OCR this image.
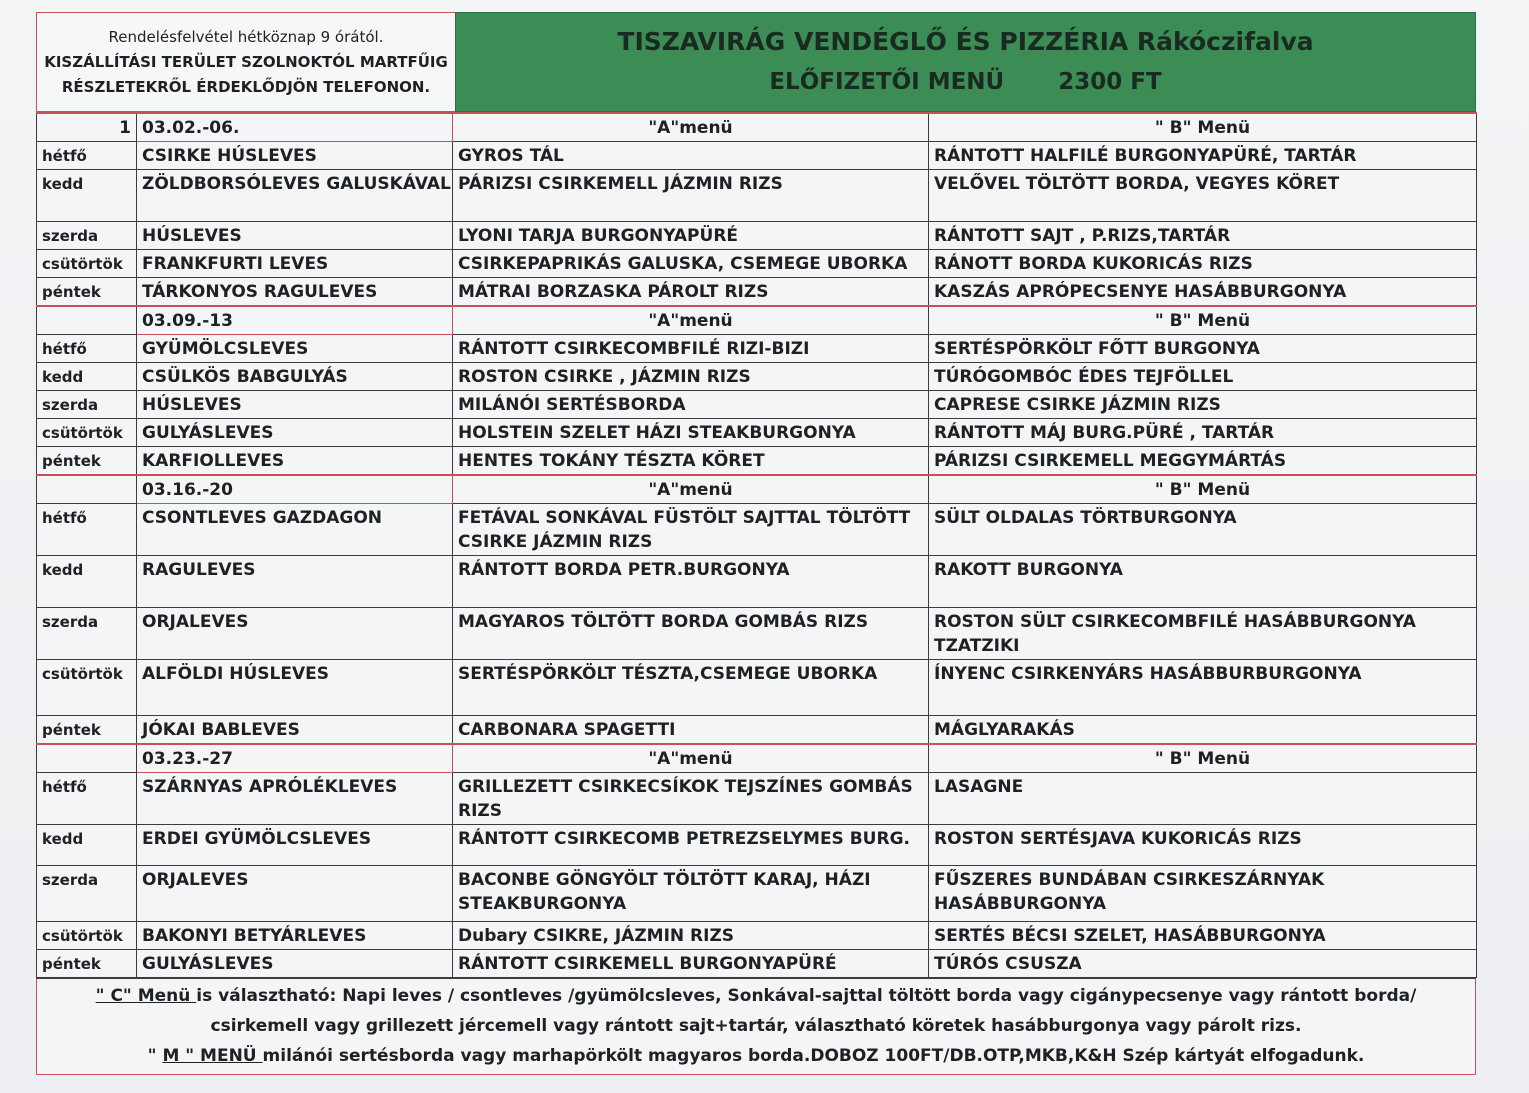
Rendelésfelvétel hétköznap 9 órától.
KISZÁLLÍTÁSI TERÜLET SZOLNOKTÓL MARTFŰIG
RÉSZLETEKRŐL ÉRDEKLŐDJÖN TELEFONON.
TISZAVIRÁG VENDÉGLŐ ÉS PIZZÉRIA Rákóczifalva
ELŐFIZETŐI MENÜ 2300 FT
1	03.02.-06.	"A"menü	" B" Menü
hétfő	CSIRKE HÚSLEVES	GYROS TÁL	RÁNTOTT HALFILÉ BURGONYAPÜRÉ, TARTÁR
kedd	ZÖLDBORSÓLEVES GALUSKÁVAL	PÁRIZSI CSIRKEMELL JÁZMIN RIZS	VELŐVEL TÖLTÖTT BORDA, VEGYES KÖRET
szerda	HÚSLEVES	LYONI TARJA BURGONYAPÜRÉ	RÁNTOTT SAJT , P.RIZS,TARTÁR
csütörtök	FRANKFURTI LEVES	CSIRKEPAPRIKÁS GALUSKA, CSEMEGE UBORKA	RÁNOTT BORDA KUKORICÁS RIZS
péntek	TÁRKONYOS RAGULEVES	MÁTRAI BORZASKA PÁROLT RIZS	KASZÁS APRÓPECSENYE HASÁBBURGONYA
	03.09.-13	"A"menü	" B" Menü
hétfő	GYÜMÖLCSLEVES	RÁNTOTT CSIRKECOMBFILÉ RIZI-BIZI	SERTÉSPÖRKÖLT FŐTT BURGONYA
kedd	CSÜLKÖS BABGULYÁS	ROSTON CSIRKE , JÁZMIN RIZS	TÚRÓGOMBÓC ÉDES TEJFÖLLEL
szerda	HÚSLEVES	MILÁNÓI SERTÉSBORDA	CAPRESE CSIRKE JÁZMIN RIZS
csütörtök	GULYÁSLEVES	HOLSTEIN SZELET HÁZI STEAKBURGONYA	RÁNTOTT MÁJ BURG.PÜRÉ , TARTÁR
péntek	KARFIOLLEVES	HENTES TOKÁNY TÉSZTA KÖRET	PÁRIZSI CSIRKEMELL MEGGYMÁRTÁS
	03.16.-20	"A"menü	" B" Menü
hétfő	CSONTLEVES GAZDAGON	FETÁVAL SONKÁVAL FÜSTÖLT SAJTTAL TÖLTÖTT CSIRKE JÁZMIN RIZS	SÜLT OLDALAS TÖRTBURGONYA
kedd	RAGULEVES	RÁNTOTT BORDA PETR.BURGONYA	RAKOTT BURGONYA
szerda	ORJALEVES	MAGYAROS TÖLTÖTT BORDA GOMBÁS RIZS	ROSTON SÜLT CSIRKECOMBFILÉ HASÁBBURGONYA TZATZIKI
csütörtök	ALFÖLDI HÚSLEVES	SERTÉSPÖRKÖLT TÉSZTA,CSEMEGE UBORKA	ÍNYENC CSIRKENYÁRS HASÁBBURBURGONYA
péntek	JÓKAI BABLEVES	CARBONARA SPAGETTI	MÁGLYARAKÁS
	03.23.-27	"A"menü	" B" Menü
hétfő	SZÁRNYAS APRÓLÉKLEVES	GRILLEZETT CSIRKECSÍKOK TEJSZÍNES GOMBÁS RIZS	LASAGNE
kedd	ERDEI GYÜMÖLCSLEVES	RÁNTOTT CSIRKECOMB PETREZSELYMES BURG.	ROSTON SERTÉSJAVA KUKORICÁS RIZS
szerda	ORJALEVES	BACONBE GÖNGYÖLT TÖLTÖTT KARAJ, HÁZI STEAKBURGONYA	FŰSZERES BUNDÁBAN CSIRKESZÁRNYAK HASÁBBURGONYA
csütörtök	BAKONYI BETYÁRLEVES	Dubary CSIKRE, JÁZMIN RIZS	SERTÉS BÉCSI SZELET, HASÁBBURGONYA
péntek	GULYÁSLEVES	RÁNTOTT CSIRKEMELL BURGONYAPÜRÉ	TÚRÓS CSUSZA
" C" Menü is választható: Napi leves / csontleves /gyümölcsleves, Sonkával-sajttal töltött borda vagy cigánypecsenye vagy rántott borda/
csirkemell vagy grillezett jércemell vagy rántott sajt+tartár, választható köretek hasábburgonya vagy párolt rizs.
" M " MENÜ milánói sertésborda vagy marhapörkölt magyaros borda.DOBOZ 100FT/DB.OTP,MKB,K&H Szép kártyát elfogadunk.
